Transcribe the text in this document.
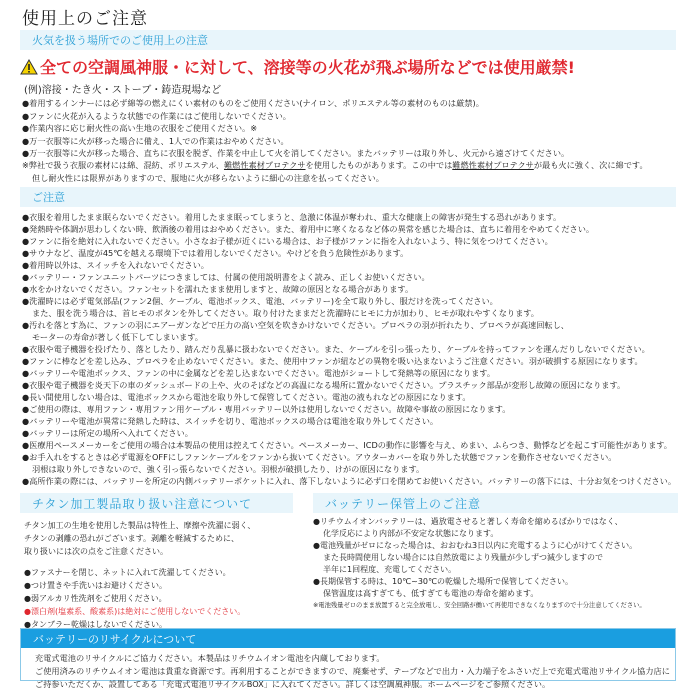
使用上のご注意
火気を扱う場所でのご使用上の注意
全ての空調風神服・に対して、溶接等の火花が飛ぶ場所などでは使用厳禁!
(例)溶接・たき火・ストーブ・鋳造現場など
●着用するインナーには必ず綿等の燃えにくい素材のものをご使用ください(ナイロン、ポリエステル等の素材のものは厳禁)。
●ファンに火花が入るような状態での作業にはご使用しないでください。
●作業内容に応じ耐火性の高い生地の衣服をご使用ください。※
●万一衣服等に火が移った場合に備え、1人での作業はおやめください。
●万一衣服等に火が移った場合、直ちに衣服を脱ぎ、作業を中止して火を消してください。またバッテリーは取り外し、火元から遠ざけてください。
※弊社で扱う衣服の素材には綿、混紡、ポリエステル、難燃性素材プロテクサを使用したものがあります。この中では難燃性素材プロテクサが最も火に強く、次に綿です。
但し耐火性には限界がありますので、服地に火が移らないように細心の注意を払ってください。
ご注意
●衣服を着用したまま眠らないでください。着用したまま眠ってしまうと、急激に体温が奪われ、重大な健康上の障害が発生する恐れがあります。
●発熱時や体調が思わしくない時、飲酒後の着用はおやめください。また、着用中に寒くなるなど体の異常を感じた場合は、直ちに着用をやめてください。
●ファンに指を絶対に入れないでください。小さなお子様が近くにいる場合は、お子様がファンに指を入れないよう、特に気をつけてください。
●サウナなど、温度が45℃を越える環境下では着用しないでください。やけどを負う危険性があります。
●着用時以外は、スイッチを入れないでください。
●バッテリー・ファンユニットパーツにつきましては、付属の使用説明書をよく読み、正しくお使いください。
●水をかけないでください。ファンセットを濡れたまま使用しますと、故障の原因となる場合があります。
●洗濯時には必ず電気部品(ファン2個、ケーブル、電池ボックス、電池、バッテリー)を全て取り外し、服だけを洗ってください。
また、服を洗う場合は、首ヒモのボタンを外してください。取り付けたままだと洗濯時にヒモに力が加わり、ヒモが取れやすくなります。
●汚れを落とす為に、ファンの羽にエアーガンなどで圧力の高い空気を吹きかけないでください。プロペラの羽が折れたり、プロペラが高速回転し、
モーターの寿命が著しく低下してしまいます。
●衣服や電子機器を投げたり、落としたり、踏んだり乱暴に扱わないでください。また、ケーブルを引っ張ったり、ケーブルを持ってファンを運んだりしないでください。
●ファンに棒などを差し込み、プロペラを止めないでください。また、使用中ファンが紐などの異物を吸い込まないようご注意ください。羽が破損する原因になります。
●バッテリーや電池ボックス、ファンの中に金属などを差し込まないでください。電池がショートして発熱等の原因になります。
●衣服や電子機器を炎天下の車のダッシュボードの上や、火のそばなどの高温になる場所に置かないでください。プラスチック部品が変形し故障の原因になります。
●長い間使用しない場合は、電池ボックスから電池を取り外して保管してください。電池の液もれなどの原因になります。
●ご使用の際は、専用ファン・専用ファン用ケーブル・専用バッテリー以外は使用しないでください。故障や事故の原因になります。
●バッテリーや電池が異常に発熱した時は、スイッチを切り、電池ボックスの場合は電池を取り外してください。
●バッテリーは所定の場所へ入れてください。
●医療用ペースメーカーをご使用の場合は本製品の使用は控えてください。ペースメーカー、ICDの動作に影響を与え、めまい、ふらつき、動悸などを起こす可能性があります。
●お手入れをするときは必ず電源をOFFにしファンケーブルをファンから抜いてください。アウターカバーを取り外した状態でファンを動作させないでください。
羽根は取り外しできないので、強く引っ張らないでください。羽根が破損したり、けがの原因になります。
●高所作業の際には、バッテリーを所定の内側バッテリーポケットに入れ、落下しないように必ず口を閉めてお使いください。バッテリーの落下には、十分お気をつけください。
チタン加工製品取り扱い注意について
チタン加工の生地を使用した製品は特性上、摩擦や洗濯に弱く、
チタンの剥離の恐れがございます。剥離を軽減するために、
取り扱いには次の点をご注意ください。
●ファスナーを閉じ、ネットに入れて洗濯してください。
●つけ置きや手洗いはお避けください。
●弱アルカリ性洗剤をご使用ください。
●漂白剤(塩素系、酸素系)は絶対にご使用しないでください。
●タンブラー乾燥はしないでください。
バッテリー保管上のご注意
●リチウムイオンバッテリーは、過放電させると著しく寿命を縮めるばかりではなく、
化学反応により内部が不安定な状態になります。
●電池残量がゼロになった場合は、おおむね3日以内に充電するように心がけてください。
また長時間使用しない場合には自然放電により残量が少しずつ減少しますので
半年に1回程度、充電してください。
●長期保管する時は、10℃~30℃の乾燥した場所で保管してください。
保管温度は高すぎても、低すぎても電池の寿命を縮めます。
※電池残量ゼロのまま放置すると完全放電し、安全回路が働いて再使用できなくなりますので十分注意してください。
バッテリーのリサイクルについて
充電式電池のリサイクルにご協力ください。本製品はリチウムイオン電池を内蔵しております。
ご使用済みのリチウムイオン電池は貴重な資源です。再利用することができますので、廃棄せず、テープなどで出力・入力端子をふさいだ上で充電式電池リサイクル協力店に
ご持参いただくか、設置してある「充電式電池リサイクルBOX」に入れてください。詳しくは空調風神服。ホームページをご参照ください。
